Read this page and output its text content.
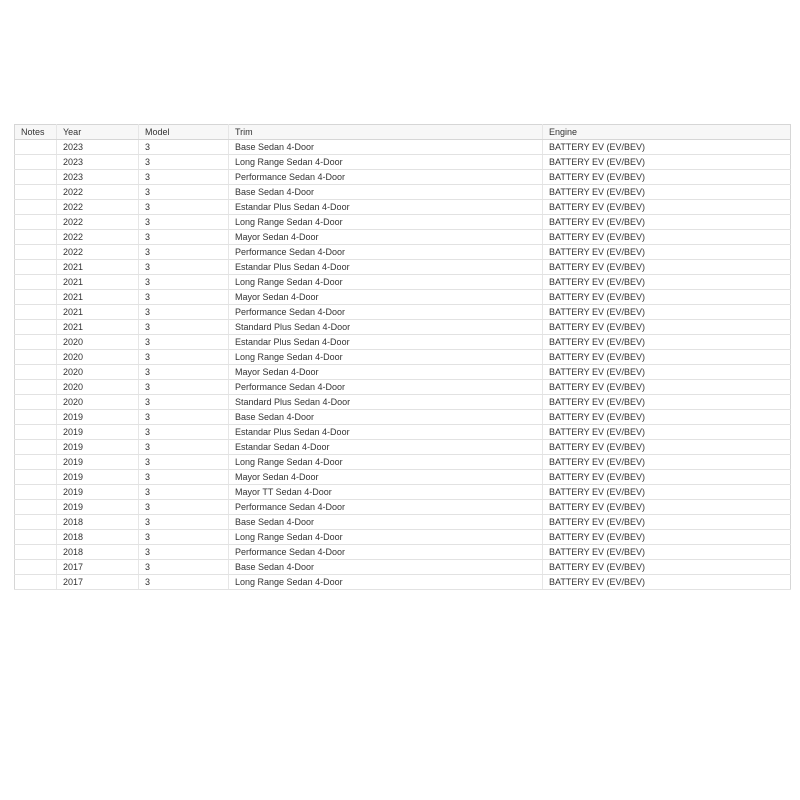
Notes	Year	Model	Trim	Engine
	2023	3	Base Sedan 4-Door	BATTERY EV (EV/BEV)
	2023	3	Long Range Sedan 4-Door	BATTERY EV (EV/BEV)
	2023	3	Performance Sedan 4-Door	BATTERY EV (EV/BEV)
	2022	3	Base Sedan 4-Door	BATTERY EV (EV/BEV)
	2022	3	Estandar Plus Sedan 4-Door	BATTERY EV (EV/BEV)
	2022	3	Long Range Sedan 4-Door	BATTERY EV (EV/BEV)
	2022	3	Mayor Sedan 4-Door	BATTERY EV (EV/BEV)
	2022	3	Performance Sedan 4-Door	BATTERY EV (EV/BEV)
	2021	3	Estandar Plus Sedan 4-Door	BATTERY EV (EV/BEV)
	2021	3	Long Range Sedan 4-Door	BATTERY EV (EV/BEV)
	2021	3	Mayor Sedan 4-Door	BATTERY EV (EV/BEV)
	2021	3	Performance Sedan 4-Door	BATTERY EV (EV/BEV)
	2021	3	Standard Plus Sedan 4-Door	BATTERY EV (EV/BEV)
	2020	3	Estandar Plus Sedan 4-Door	BATTERY EV (EV/BEV)
	2020	3	Long Range Sedan 4-Door	BATTERY EV (EV/BEV)
	2020	3	Mayor Sedan 4-Door	BATTERY EV (EV/BEV)
	2020	3	Performance Sedan 4-Door	BATTERY EV (EV/BEV)
	2020	3	Standard Plus Sedan 4-Door	BATTERY EV (EV/BEV)
	2019	3	Base Sedan 4-Door	BATTERY EV (EV/BEV)
	2019	3	Estandar Plus Sedan 4-Door	BATTERY EV (EV/BEV)
	2019	3	Estandar Sedan 4-Door	BATTERY EV (EV/BEV)
	2019	3	Long Range Sedan 4-Door	BATTERY EV (EV/BEV)
	2019	3	Mayor Sedan 4-Door	BATTERY EV (EV/BEV)
	2019	3	Mayor TT Sedan 4-Door	BATTERY EV (EV/BEV)
	2019	3	Performance Sedan 4-Door	BATTERY EV (EV/BEV)
	2018	3	Base Sedan 4-Door	BATTERY EV (EV/BEV)
	2018	3	Long Range Sedan 4-Door	BATTERY EV (EV/BEV)
	2018	3	Performance Sedan 4-Door	BATTERY EV (EV/BEV)
	2017	3	Base Sedan 4-Door	BATTERY EV (EV/BEV)
	2017	3	Long Range Sedan 4-Door	BATTERY EV (EV/BEV)
